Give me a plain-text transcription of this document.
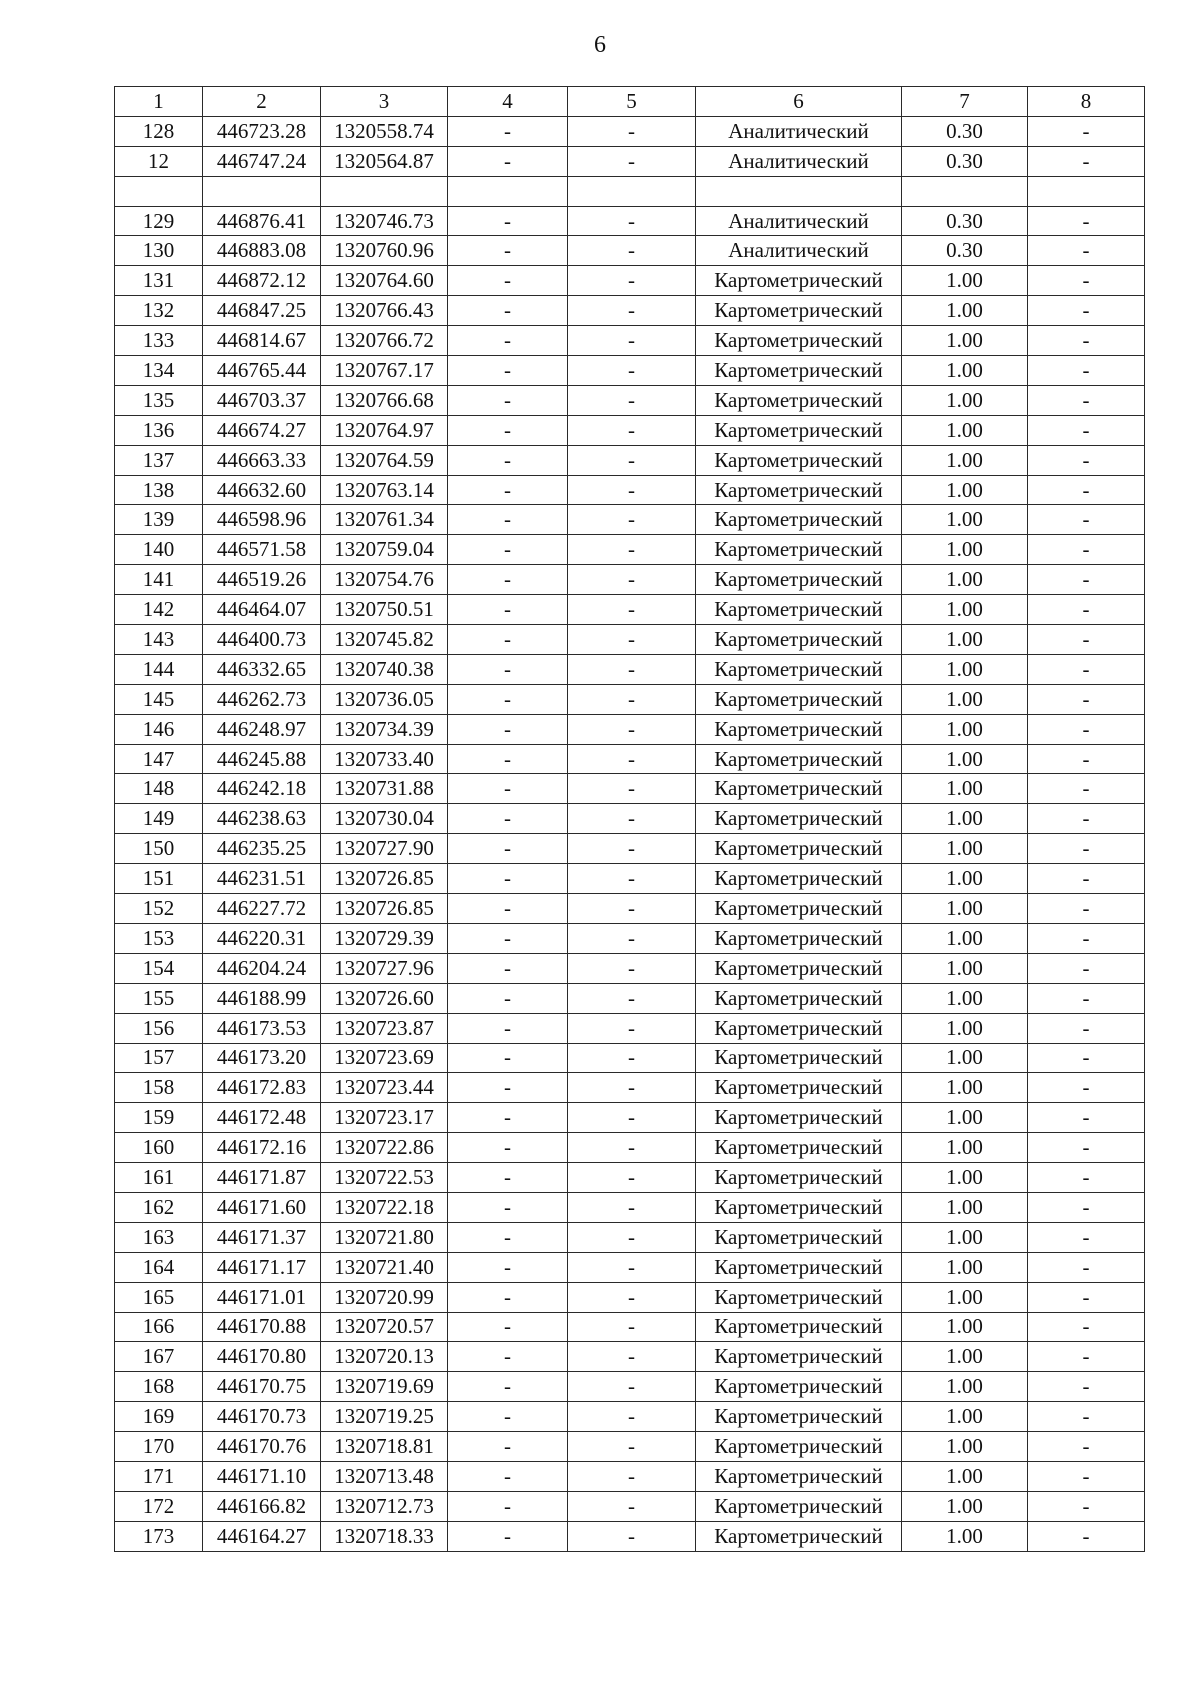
6
1	2	3	4	5	6	7	8
128	446723.28	1320558.74	-	-	Аналитический	0.30	-
12	446747.24	1320564.87	-	-	Аналитический	0.30	-

129	446876.41	1320746.73	-	-	Аналитический	0.30	-
130	446883.08	1320760.96	-	-	Аналитический	0.30	-
131	446872.12	1320764.60	-	-	Картометрический	1.00	-
132	446847.25	1320766.43	-	-	Картометрический	1.00	-
133	446814.67	1320766.72	-	-	Картометрический	1.00	-
134	446765.44	1320767.17	-	-	Картометрический	1.00	-
135	446703.37	1320766.68	-	-	Картометрический	1.00	-
136	446674.27	1320764.97	-	-	Картометрический	1.00	-
137	446663.33	1320764.59	-	-	Картометрический	1.00	-
138	446632.60	1320763.14	-	-	Картометрический	1.00	-
139	446598.96	1320761.34	-	-	Картометрический	1.00	-
140	446571.58	1320759.04	-	-	Картометрический	1.00	-
141	446519.26	1320754.76	-	-	Картометрический	1.00	-
142	446464.07	1320750.51	-	-	Картометрический	1.00	-
143	446400.73	1320745.82	-	-	Картометрический	1.00	-
144	446332.65	1320740.38	-	-	Картометрический	1.00	-
145	446262.73	1320736.05	-	-	Картометрический	1.00	-
146	446248.97	1320734.39	-	-	Картометрический	1.00	-
147	446245.88	1320733.40	-	-	Картометрический	1.00	-
148	446242.18	1320731.88	-	-	Картометрический	1.00	-
149	446238.63	1320730.04	-	-	Картометрический	1.00	-
150	446235.25	1320727.90	-	-	Картометрический	1.00	-
151	446231.51	1320726.85	-	-	Картометрический	1.00	-
152	446227.72	1320726.85	-	-	Картометрический	1.00	-
153	446220.31	1320729.39	-	-	Картометрический	1.00	-
154	446204.24	1320727.96	-	-	Картометрический	1.00	-
155	446188.99	1320726.60	-	-	Картометрический	1.00	-
156	446173.53	1320723.87	-	-	Картометрический	1.00	-
157	446173.20	1320723.69	-	-	Картометрический	1.00	-
158	446172.83	1320723.44	-	-	Картометрический	1.00	-
159	446172.48	1320723.17	-	-	Картометрический	1.00	-
160	446172.16	1320722.86	-	-	Картометрический	1.00	-
161	446171.87	1320722.53	-	-	Картометрический	1.00	-
162	446171.60	1320722.18	-	-	Картометрический	1.00	-
163	446171.37	1320721.80	-	-	Картометрический	1.00	-
164	446171.17	1320721.40	-	-	Картометрический	1.00	-
165	446171.01	1320720.99	-	-	Картометрический	1.00	-
166	446170.88	1320720.57	-	-	Картометрический	1.00	-
167	446170.80	1320720.13	-	-	Картометрический	1.00	-
168	446170.75	1320719.69	-	-	Картометрический	1.00	-
169	446170.73	1320719.25	-	-	Картометрический	1.00	-
170	446170.76	1320718.81	-	-	Картометрический	1.00	-
171	446171.10	1320713.48	-	-	Картометрический	1.00	-
172	446166.82	1320712.73	-	-	Картометрический	1.00	-
173	446164.27	1320718.33	-	-	Картометрический	1.00	-
